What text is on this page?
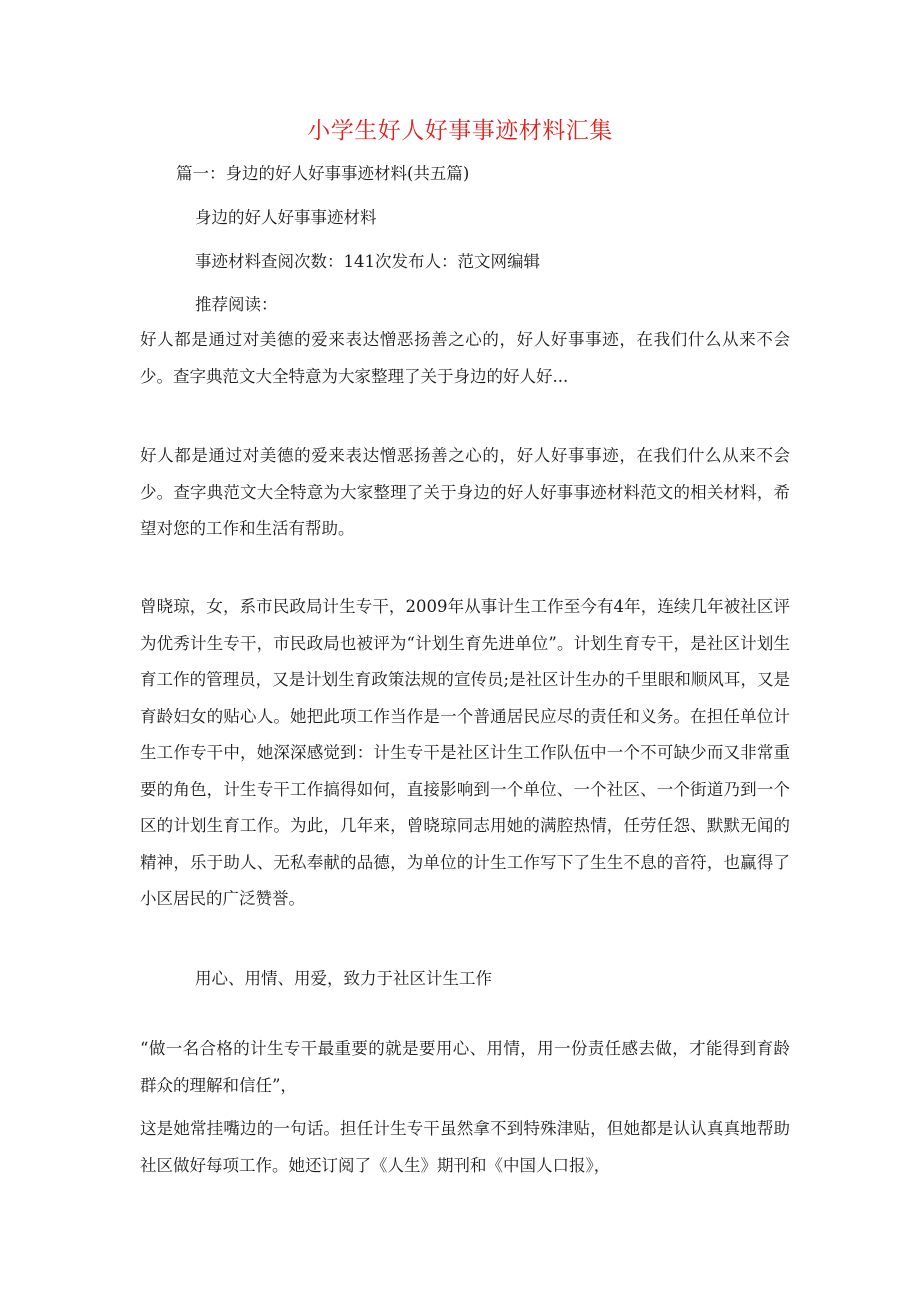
小学生好人好事事迹材料汇集

篇一：身边的好人好事事迹材料(共五篇)

身边的好人好事事迹材料

事迹材料查阅次数：141次发布人：范文网编辑

推荐阅读：

好人都是通过对美德的爱来表达憎恶扬善之心的，好人好事事迹，在我们什么从来不会少。查字典范文大全特意为大家整理了关于身边的好人好...

好人都是通过对美德的爱来表达憎恶扬善之心的，好人好事事迹，在我们什么从来不会少。查字典范文大全特意为大家整理了关于身边的好人好事事迹材料范文的相关材料，希望对您的工作和生活有帮助。

曾晓琼，女，系市民政局计生专干，2009年从事计生工作至今有4年，连续几年被社区评为优秀计生专干，市民政局也被评为“计划生育先进单位”。计划生育专干，是社区计划生育工作的管理员，又是计划生育政策法规的宣传员;是社区计生办的千里眼和顺风耳，又是育龄妇女的贴心人。她把此项工作当作是一个普通居民应尽的责任和义务。在担任单位计生工作专干中，她深深感觉到：计生专干是社区计生工作队伍中一个不可缺少而又非常重要的角色，计生专干工作搞得如何，直接影响到一个单位、一个社区、一个街道乃到一个区的计划生育工作。为此，几年来，曾晓琼同志用她的满腔热情，任劳任怨、默默无闻的精神，乐于助人、无私奉献的品德，为单位的计生工作写下了生生不息的音符，也赢得了小区居民的广泛赞誉。

用心、用情、用爱，致力于社区计生工作

“做一名合格的计生专干最重要的就是要用心、用情，用一份责任感去做，才能得到育龄群众的理解和信任”，

这是她常挂嘴边的一句话。担任计生专干虽然拿不到特殊津贴，但她都是认认真真地帮助社区做好每项工作。她还订阅了《人生》期刊和《中国人口报》，
